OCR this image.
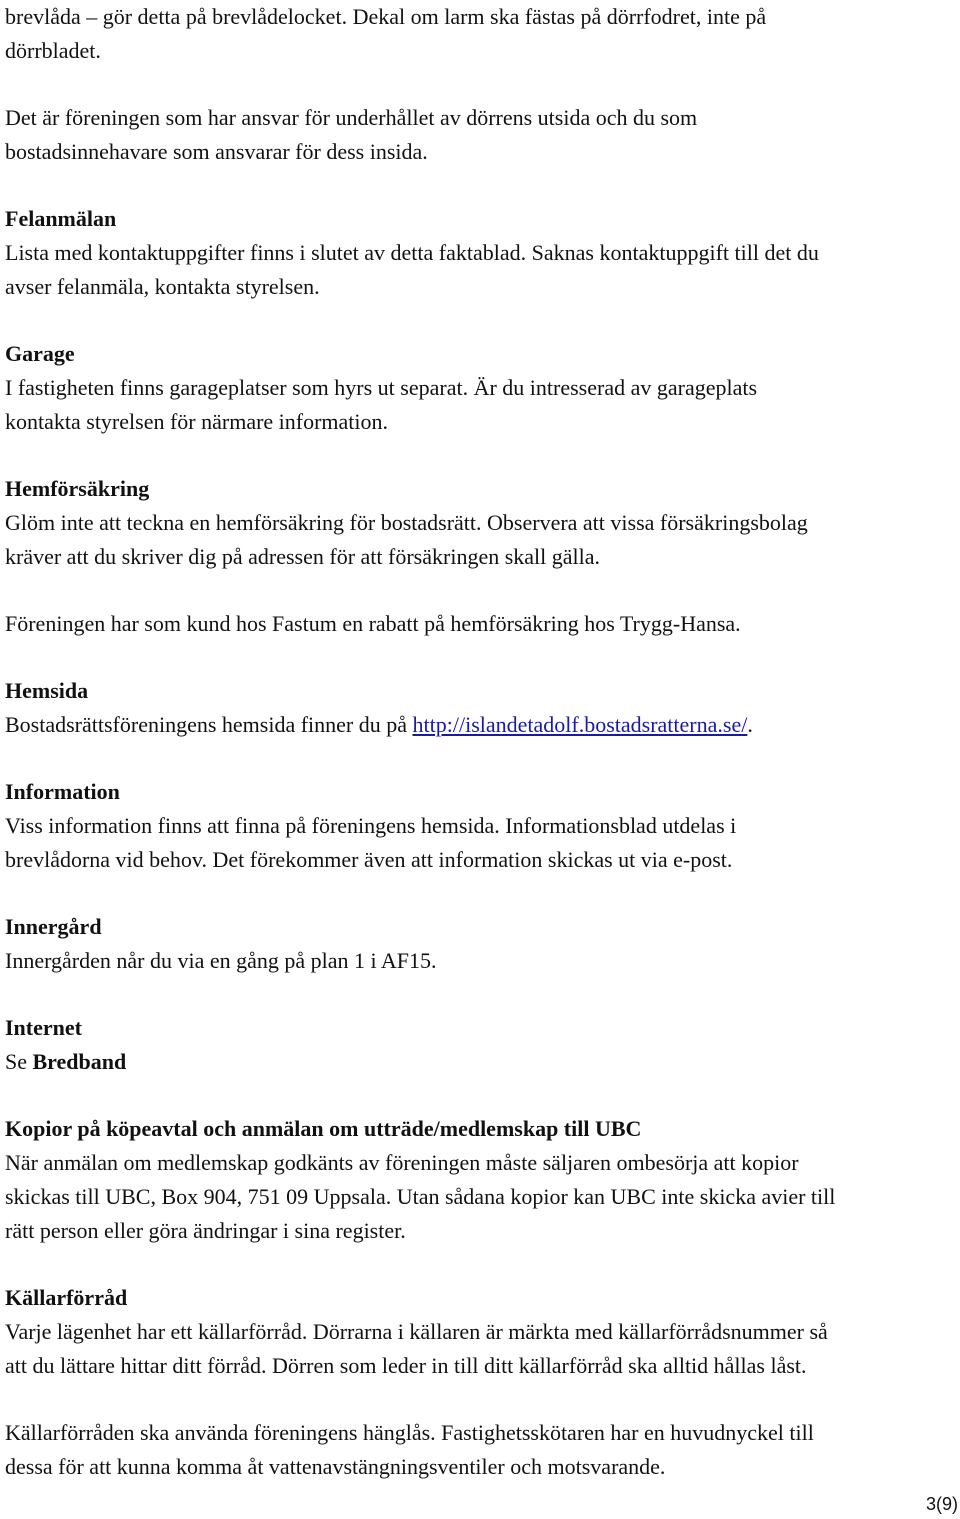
brevlåda – gör detta på brevlådelocket. Dekal om larm ska fästas på dörrfodret, inte på
dörrbladet.
Det är föreningen som har ansvar för underhållet av dörrens utsida och du som
bostadsinnehavare som ansvarar för dess insida.
Felanmälan
Lista med kontaktuppgifter finns i slutet av detta faktablad. Saknas kontaktuppgift till det du
avser felanmäla, kontakta styrelsen.
Garage
I fastigheten finns garageplatser som hyrs ut separat. Är du intresserad av garageplats
kontakta styrelsen för närmare information.
Hemförsäkring
Glöm inte att teckna en hemförsäkring för bostadsrätt. Observera att vissa försäkringsbolag
kräver att du skriver dig på adressen för att försäkringen skall gälla.
Föreningen har som kund hos Fastum en rabatt på hemförsäkring hos Trygg-Hansa.
Hemsida
Bostadsrättsföreningens hemsida finner du på http://islandetadolf.bostadsratterna.se/.
Information
Viss information finns att finna på föreningens hemsida. Informationsblad utdelas i
brevlådorna vid behov. Det förekommer även att information skickas ut via e-post.
Innergård
Innergården når du via en gång på plan 1 i AF15.
Internet
Se Bredband
Kopior på köpeavtal och anmälan om utträde/medlemskap till UBC
När anmälan om medlemskap godkänts av föreningen måste säljaren ombesörja att kopior
skickas till UBC, Box 904, 751 09 Uppsala. Utan sådana kopior kan UBC inte skicka avier till
rätt person eller göra ändringar i sina register.
Källarförråd
Varje lägenhet har ett källarförråd. Dörrarna i källaren är märkta med källarförrådsnummer så
att du lättare hittar ditt förråd. Dörren som leder in till ditt källarförråd ska alltid hållas låst.
Källarförråden ska använda föreningens hänglås. Fastighetsskötaren har en huvudnyckel till
dessa för att kunna komma åt vattenavstängningsventiler och motsvarande.
3(9)
